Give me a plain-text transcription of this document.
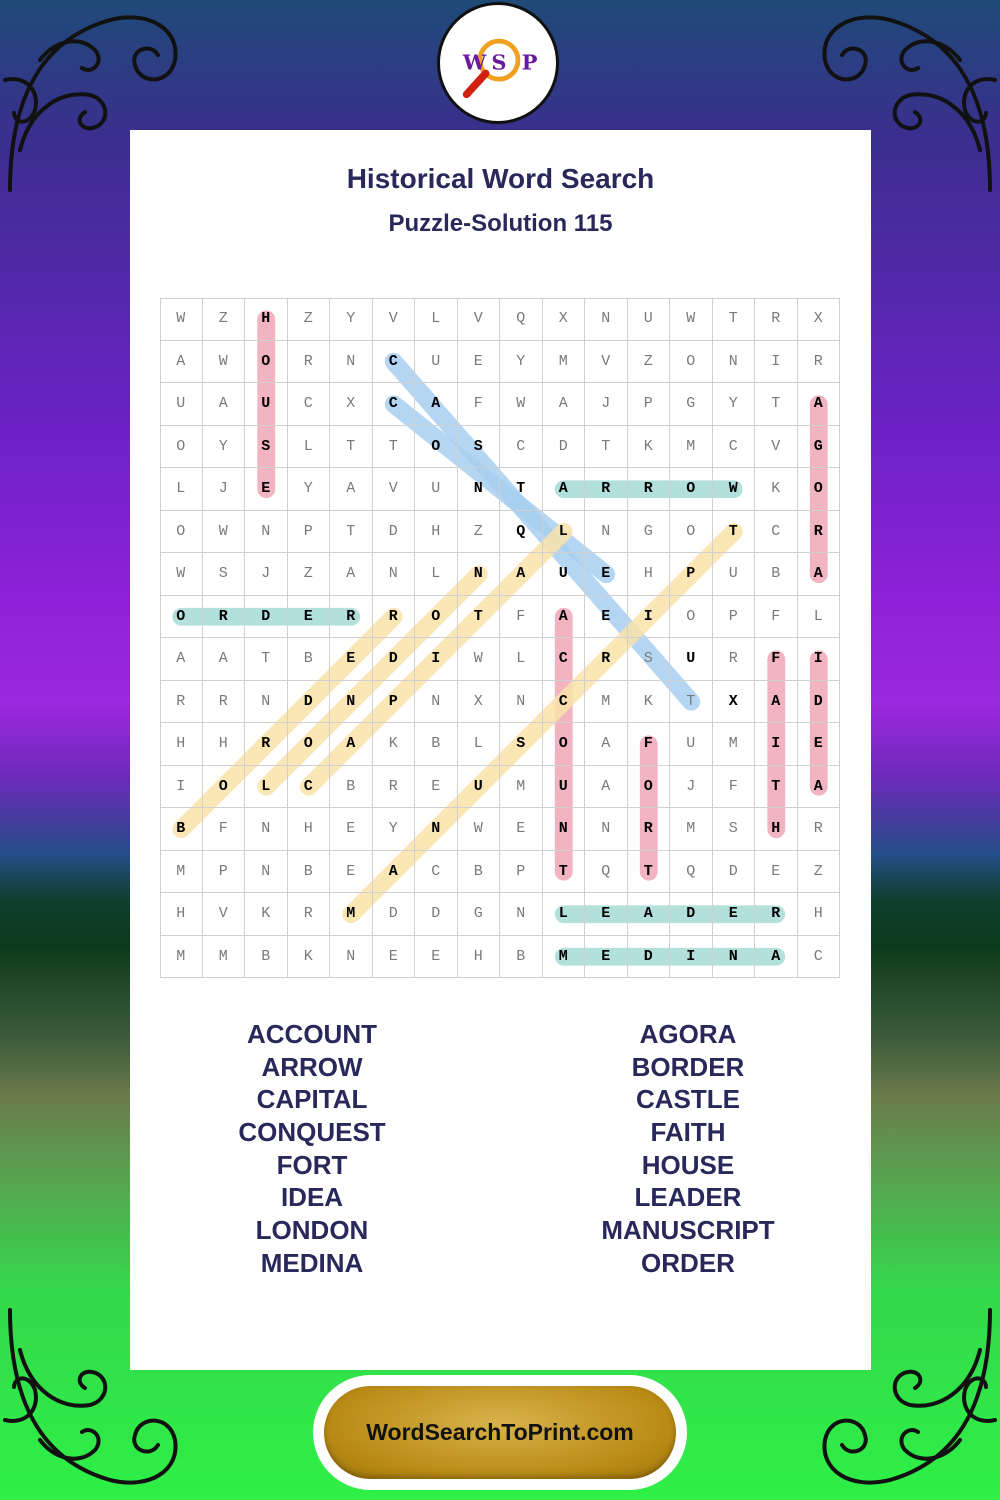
W S P
Historical Word Search
Puzzle-Solution 115
W	Z	H	Z	Y	V	L	V	Q	X	N	U	W	T	R	X
A	W	O	R	N	C	U	E	Y	M	V	Z	O	N	I	R
U	A	U	C	X	C	A	F	W	A	J	P	G	Y	T	A
O	Y	S	L	T	T	O	S	C	D	T	K	M	C	V	G
L	J	E	Y	A	V	U	N	T	A	R	R	O	W	K	O
O	W	N	P	T	D	H	Z	Q	L	N	G	O	T	C	R
W	S	J	Z	A	N	L	N	A	U	E	H	P	U	B	A
O	R	D	E	R	R	O	T	F	A	E	I	O	P	F	L
A	A	T	B	E	D	I	W	L	C	R	S	U	R	F	I
R	R	N	D	N	P	N	X	N	C	M	K	T	X	A	D
H	H	R	O	A	K	B	L	S	O	A	F	U	M	I	E
I	O	L	C	B	R	E	U	M	U	A	O	J	F	T	A
B	F	N	H	E	Y	N	W	E	N	N	R	M	S	H	R
M	P	N	B	E	A	C	B	P	T	Q	T	Q	D	E	Z
H	V	K	R	M	D	D	G	N	L	E	A	D	E	R	H
M	M	B	K	N	E	E	H	B	M	E	D	I	N	A	C
ACCOUNT
ARROW
CAPITAL
CONQUEST
FORT
IDEA
LONDON
MEDINA
AGORA
BORDER
CASTLE
FAITH
HOUSE
LEADER
MANUSCRIPT
ORDER
WordSearchToPrint.com
